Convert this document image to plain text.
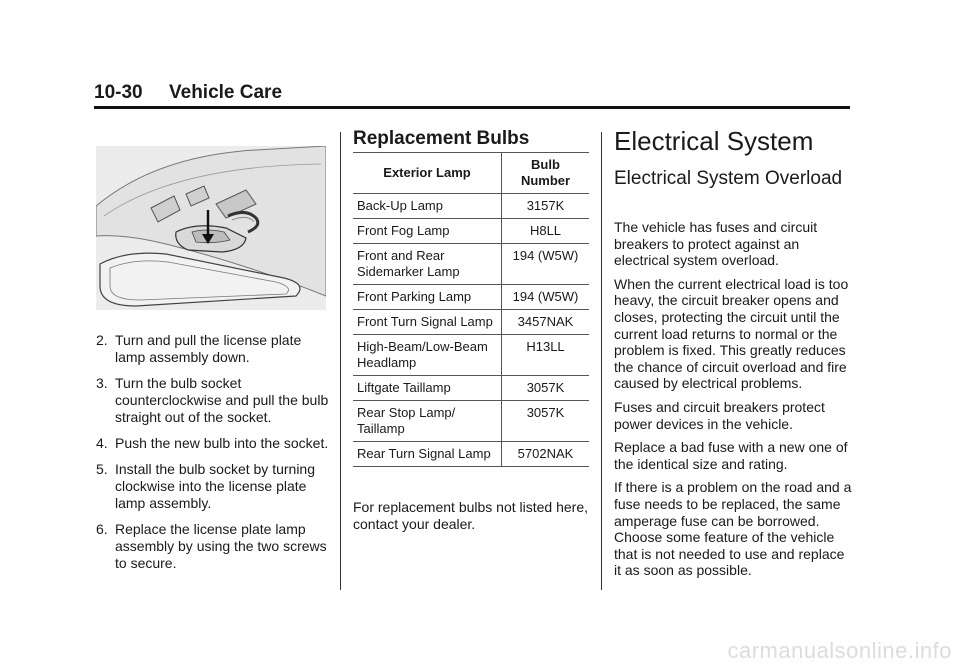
10-30 Vehicle Care
2. Turn and pull the license plate lamp assembly down.
3. Turn the bulb socket counterclockwise and pull the bulb straight out of the socket.
4. Push the new bulb into the socket.
5. Install the bulb socket by turning clockwise into the license plate lamp assembly.
6. Replace the license plate lamp assembly by using the two screws to secure.
Replacement Bulbs
Exterior Lamp	Bulb Number
Back-Up Lamp	3157K
Front Fog Lamp	H8LL
Front and Rear Sidemarker Lamp	194 (W5W)
Front Parking Lamp	194 (W5W)
Front Turn Signal Lamp	3457NAK
High-Beam/Low-Beam Headlamp	H13LL
Liftgate Taillamp	3057K
Rear Stop Lamp/ Taillamp	3057K
Rear Turn Signal Lamp	5702NAK

For replacement bulbs not listed here, contact your dealer.

Electrical System
Electrical System Overload

The vehicle has fuses and circuit breakers to protect against an electrical system overload.

When the current electrical load is too heavy, the circuit breaker opens and closes, protecting the circuit until the current load returns to normal or the problem is fixed. This greatly reduces the chance of circuit overload and fire caused by electrical problems.

Fuses and circuit breakers protect power devices in the vehicle.

Replace a bad fuse with a new one of the identical size and rating.

If there is a problem on the road and a fuse needs to be replaced, the same amperage fuse can be borrowed. Choose some feature of the vehicle that is not needed to use and replace it as soon as possible.

carmanualsonline.info
